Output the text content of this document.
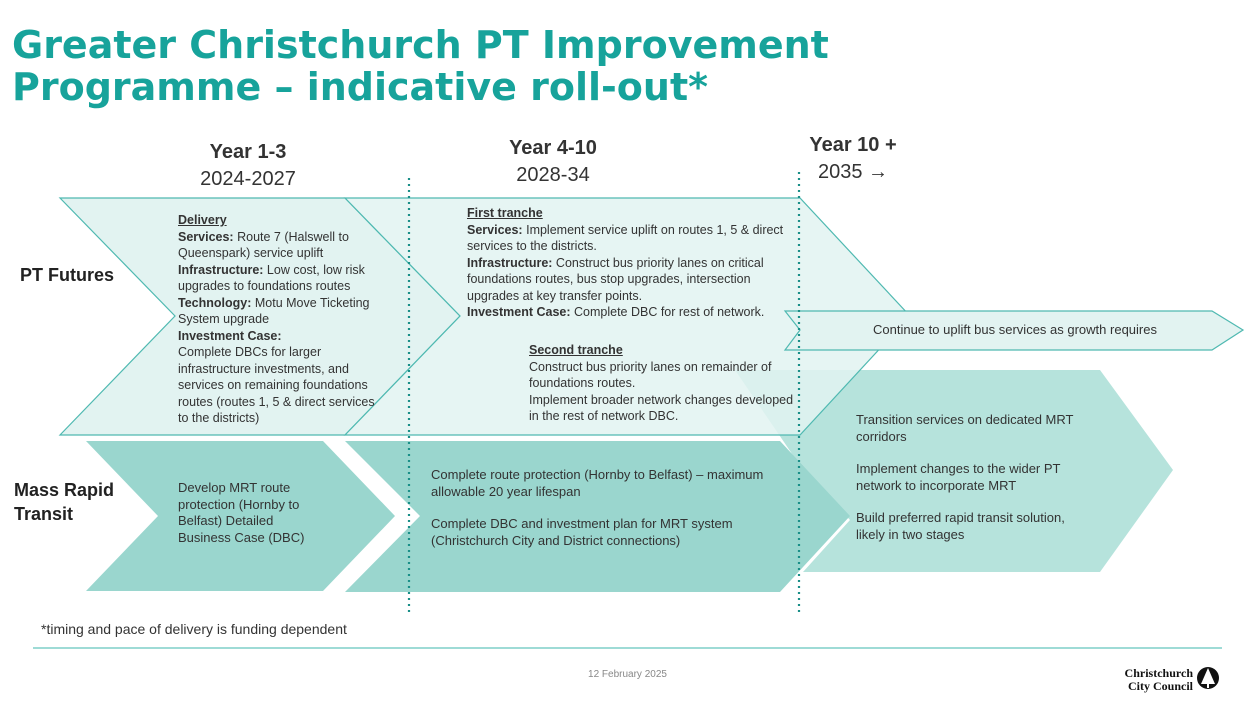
Greater Christchurch PT Improvement Programme – indicative roll-out*
Year 1-3
2024-2027
Year 4-10
2028-34
Year 10 +
2035 →
PT Futures
Mass Rapid Transit
Delivery
Services: Route 7 (Halswell to Queenspark) service uplift
Infrastructure: Low cost, low risk upgrades to foundations routes
Technology: Motu Move Ticketing System upgrade
Investment Case:
Complete DBCs for larger infrastructure investments, and services on remaining foundations routes (routes 1, 5 & direct services to the districts)
First tranche
Services: Implement service uplift on routes 1, 5 & direct services to the districts.
Infrastructure: Construct bus priority lanes on critical foundations routes, bus stop upgrades, intersection upgrades at key transfer points.
Investment Case: Complete DBC for rest of network.
Second tranche
Construct bus priority lanes on remainder of foundations routes.
Implement broader network changes developed in the rest of network DBC.
Continue to uplift bus services as growth requires
Develop MRT route protection (Hornby to Belfast) Detailed Business Case (DBC)

Complete route protection (Hornby to Belfast) – maximum allowable 20 year lifespan

Complete DBC and investment plan for MRT system (Christchurch City and District connections)

Transition services on dedicated MRT corridors

Implement changes to the wider PT network to incorporate MRT

Build preferred rapid transit solution, likely in two stages

*timing and pace of delivery is funding dependent
12 February 2025	Christchurch
City Council
